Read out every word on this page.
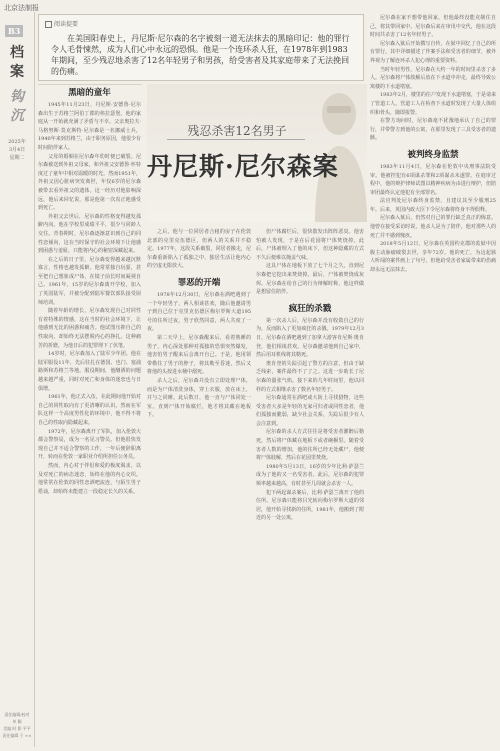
北京法制报
B3
档
案
钩
沉
2025年
3月4日
星期二
责任编辑/校对 单 颖
美编 时 影 平平 责任编辑 于 ××
阅读提要
在美国阳春史上，丹尼斯·尼尔森的名字被刻一道无法抹去的黑暗印记：他的罪行令人毛骨悚然，成为人们心中永远的恐惧。他是一个连环杀人狂，在1978年到1983年期间，至少残忍地杀害了12名年轻男子和男孩，给受害者及其家庭带来了无法挽回的伤痛。
残忍杀害12名男子
丹尼斯·尼尔森案

黑暗的童年

1945年11月23日，丹尼斯·安德鲁·尼尔森出生于苏格兰阿伯丁郡的弗拉瑟堡。他的家庭从一开始就充满了矛盾与不幸。父亲奥拉夫·马格努斯·莫克斯特·尼尔森是一名挪威士兵，1940年来到苏格兰，由于职务原因，他很少有时间陪伴家人。

父母的婚姻在尼尔森年幼时便已破裂。尼尔森被送到外祖父母家，和外祖父安德鲁·怀特度过了童年中相对温暖的时光。然而1951年，外祖父因心脏病突发离世，年仅6岁的尼尔森被带去看外祖父的遗体，这一经历对他影响深远，他后来回忆说，那是他第一次真正地感受到死亡。

外祖父去世后，尼尔森的性格变得越发孤僻内向。他在学校里成绩平平，很少与同龄人交往。青春期时，尼尔森逐渐意识到自己的同性恋倾向，这在当时保守的社会环境下让他感到困惑与羞耻，只能将内心的秘密深藏起来。

在之后的日子里，尼尔森变得越来越沉默寡言，性格也越发孤僻。他常常独自玩耍，甚至把自己想象成尸体，在镜子前长时间凝视自己。1961年，15岁的尼尔森离开学校，加入了英国陆军，并被分配到陆军餐饮部队接受厨师培训。

随着年龄的增长，尼尔森发现自己对同性有着特殊的情感，这在当时的社会环境下，让他感到无比的困惑和痛苦。他试图压抑自己的性取向，却始终无法摆脱内心的挣扎。这种痛苦的折磨，为他日后的犯罪埋下了伏笔。

14岁时，尼尔森加入了陆军少年团。他在陆军服役11年，先后驻扎在德国、也门、塞浦路斯和苏格兰等地。服役期间，他酗酒的问题越来越严重，同时对死亡和身体的迷恋也与日俱增。

1961年，他正式入伍，在此期间他开始对自己的同性取向有了更清晰的认识。然而在军队这样一个高度男性化的环境中，他不得不将自己的性取向隐藏起来。

1972年，尼尔森离开了军队，加入伦敦大都会警察局，成为一名见习警员。但他很快发现自己并不适合警察的工作，一年后便辞职离开，转而在伦敦一家职业介绍所担任公务员。

然而，内心对于伴侣和爱的极度渴求，以及对死亡的病态迷恋，始终在他的内心交织。他常常在伦敦的同性恋酒吧流连，与陌生男子搭讪，却始终未能建立一段稳定长久的关系。

之后，他与一位同居者合租的房子在伦敦北部的克里克伍德区，但两人的关系并不稳定。1977年，这段关系破裂，同居者搬走，尼尔森重新陷入了孤独之中，独居生活让他内心的空虚无限放大。

罪恶的开端

1978年12月30日，尼尔森在酒吧遇到了一个年轻男子，两人相谈甚欢，随后他邀请男子到自己位于克里克伍德区梅尔罗斯大道195号的住所过夜，男子欣然同意，两人共度了一夜。

第二天早上，尼尔森醒来后，看着熟睡的男子，内心深处那种对孤独的恐惧突然爆发，他害怕男子醒来后会离开自己。于是，他用领带勒住了男子的脖子，将其勒至昏迷，然后又将他的头按进水桶中溺死。

杀人之后，尼尔森并没有立即处理尸体，而是为尸体清洗身体，穿上衣服，放在床上，并与之同睡。此后数日，他一直与尸体同处一室。直到尸体开始腐烂，他才将其藏在地板下。

但尸体腐烂后，很快散发出阵阵恶臭。他害怕被人发现，于是在后花园将尸体焚烧掉。此后，尸体被埋入了他的床下，但这种隐藏的方式不久后便难以掩盖气味。

这具尸体在地板下放了七个月之久，直到尼尔森把它挖出来焚烧掉。最后，尸体被焚烧成灰烬。尼尔森在给自己的行为辩解时称，他这样做是想留住陪伴。

疯狂的杀戮

第一次杀人后，尼尔森并没有收敛自己的行为，反而陷入了更加疯狂的杀戮。1979年12月3日，尼尔森在酒吧遇到了加拿大游客肯尼斯·奥肯登，他们相谈甚欢。尼尔森邀请他到自己家中，然后用耳机线将其勒死。

奥肯登的失踪引起了警方的注意，但由于缺乏线索，案件最终不了了之。这进一步助长了尼尔森的嚣张气焰。接下来的几年时间里，他以同样的方式相继杀害了数名年轻男子。

尼尔森通常在酒吧或大街上寻找猎物，这些受害者大多是年轻的无家可归者或同性恋者，他们孤独而脆弱，缺少社会关系，失踪后很少有人会注意到。

尼尔森的杀人方式往往是将受害者灌醉后勒死，然后将尸体藏在地板下或者碗橱里。随着受害者人数的增加，他的住所已经无处藏尸，他便将尸体肢解，然后在花园里焚烧。

1980年5月13日，16岁的少年比利·萨瑟兰成为了他的又一名受害者。此后，尼尔森的犯罪频率越来越高，有时甚至几周就会杀害一人。

犯下两起谋杀案后，比利·萨瑟兰离开了他的住所。尼尔森只能将目光转向梅尔罗斯大道的邻居，他开始寻找新的住所，1981年，他搬到了附近的另一处公寓。

尼尔森在家不想带他回家，但他最终没能克制住自己，将其带回家中。尼尔森后来在审讯中交代，他在这段时间共杀害了12名年轻男子。

尼尔森入狱后开始撰写自传，在狱中回忆了自己的所有罪行，其中详细描述了作案手法和受害者的细节，被外界视为了解连环杀人犯心理的重要资料。

当时年轻男性，尼尔森在大约一年的时间里杀害了多人。尼尔森将尸体肢解后放在下水道中冲走，最终导致公寓楼的下水道堵塞。

1983年2月，楼里的住户发现下水道堵塞，于是请来了管道工人。管道工人在检查下水道时发现了大量人体组织和骨头，随即报警。

在警方询问时，尼尔森毫不犹豫地承认了自己的罪行，并带警方到他的公寓，在那里发现了三具受害者的遗骸。

被判终身监禁

1983年11月4日，尼尔森在伦敦中央刑事法院受审。他被控犯有6项谋杀罪和2项谋杀未遂罪。在庭审过程中，他的辩护律师试图以精神疾病为由进行辩护，但陪审团最终认定他犯有全部罪名。

法官判处尼尔森终身监禁，且建议其至少服刑25年。后来，英国内政大臣下令尼尔森将终身不得假释。

尼尔森入狱后，仍然对自己的罪行缺乏真正的悔意。他曾在接受采访时说，他杀人是为了陪伴，他对那些人的死亡并不感到愧疚。

2018年5月12日，尼尔森在英国约克郡的监狱中因腹主动脉瘤破裂去世，享年72岁。他的死亡，为这起骇人听闻的案件画上了句号，但他给受害者家属带来的伤痛却永远无法抹去。
